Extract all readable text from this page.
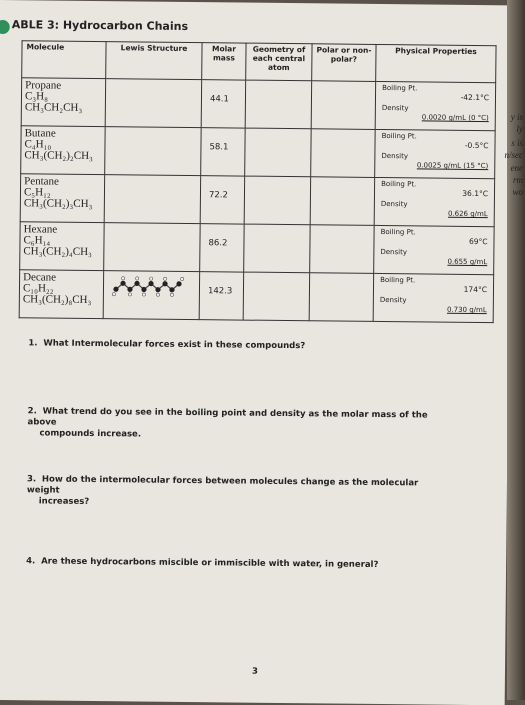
ABLE 3: Hydrocarbon Chains
Molecule	Lewis Structure	Molar mass	Geometry of each central atom	Polar or non-polar?	Physical Properties

Propane
C₃H₈
CH₃CH₂CH₃		44.1			Boiling Pt.
-42.1°C
Density
0.0020 g/mL (0 °C)

Butane
C₄H₁₀
CH₃(CH₂)₂CH₃		58.1			Boiling Pt.
-0.5°C
Density
0.0025 g/mL (15 °C)

Pentane
C₅H₁₂
CH₃(CH₂)₃CH₃		72.2			Boiling Pt.
36.1°C
Density
0.626 g/mL

Hexane
C₆H₁₄
CH₃(CH₂)₄CH₃		86.2			Boiling Pt.
69°C
Density
0.655 g/mL

Decane
C₁₀H₂₂
CH₃(CH₂)₈CH₃		142.3			Boiling Pt.
174°C
Density
0.730 g/mL
1. What Intermolecular forces exist in these compounds?
2. What trend do you see in the boiling point and density as the molar mass of the above
compounds increase.
3. How do the intermolecular forces between molecules change as the molecular weight
increases?
4. Are these hydrocarbons miscible or immiscible with water, in general?
3
y is
ly
s is
n/sec
ene
rm
wo
